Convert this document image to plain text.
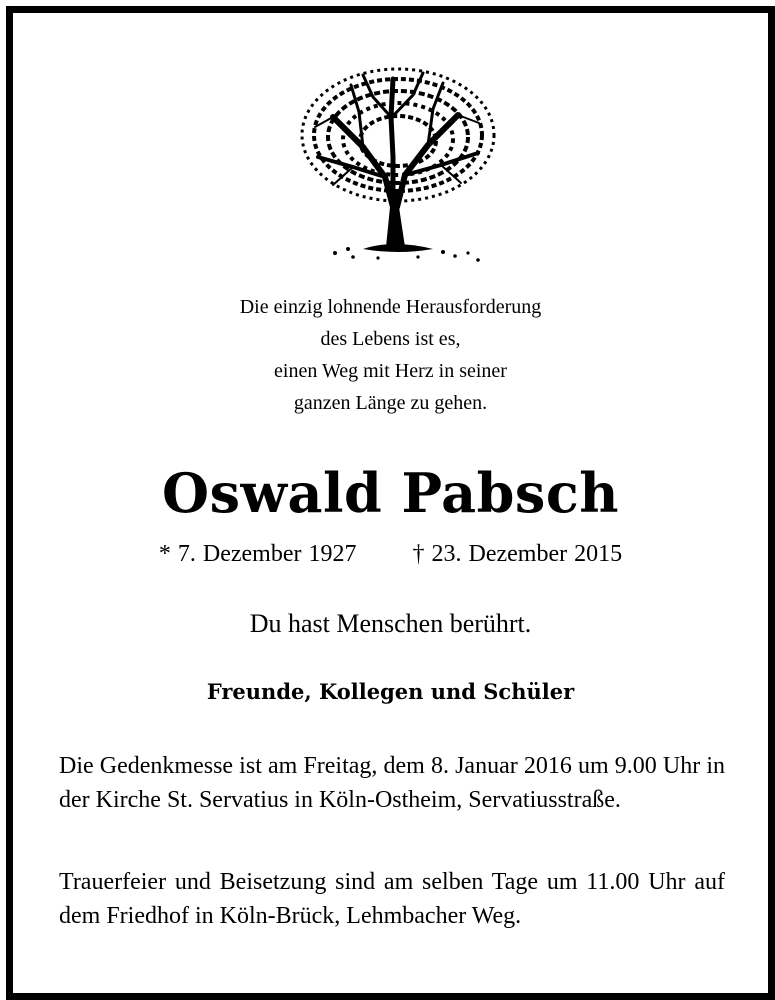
Die einzig lohnende Herausforderung
des Lebens ist es,
einen Weg mit Herz in seiner
ganzen Länge zu gehen.
Oswald Pabsch
* 7. Dezember 1927 † 23. Dezember 2015
Du hast Menschen berührt.
Freunde, Kollegen und Schüler
Die Gedenkmesse ist am Freitag, dem 8. Januar 2016 um 9.00 Uhr in der Kirche St. Servatius in Köln-Ostheim, Servatiusstraße.
Trauerfeier und Beisetzung sind am selben Tage um 11.00 Uhr auf dem Friedhof in Köln-Brück, Lehmbacher Weg.
